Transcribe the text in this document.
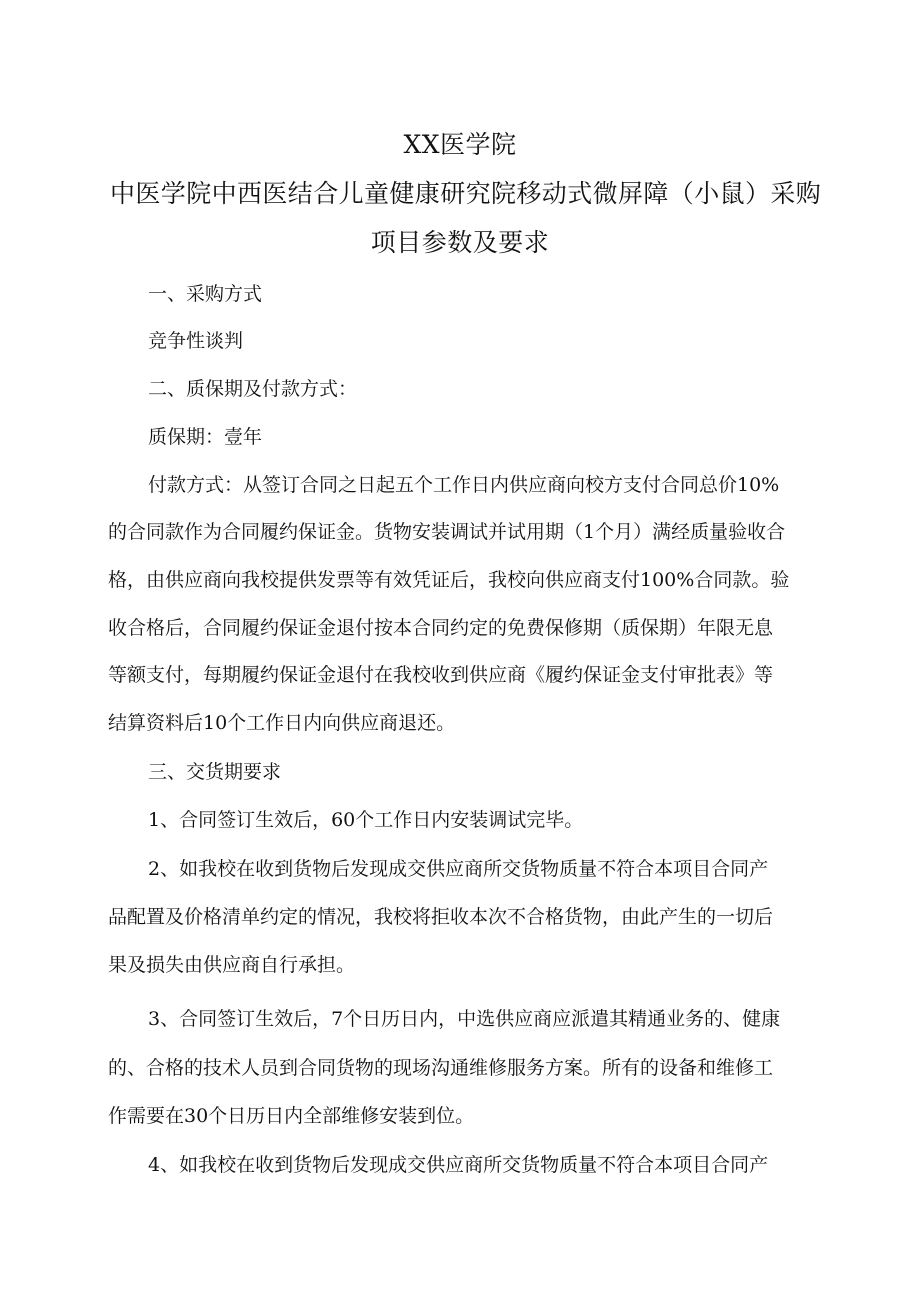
XX医学院
中医学院中西医结合儿童健康研究院移动式微屏障（小鼠）采购
项目参数及要求
一、采购方式
竞争性谈判
二、质保期及付款方式：
质保期：壹年
付款方式：从签订合同之日起五个工作日内供应商向校方支付合同总价10%
的合同款作为合同履约保证金。货物安装调试并试用期（1个月）满经质量验收合
格，由供应商向我校提供发票等有效凭证后，我校向供应商支付100%合同款。验
收合格后，合同履约保证金退付按本合同约定的免费保修期（质保期）年限无息
等额支付，每期履约保证金退付在我校收到供应商《履约保证金支付审批表》等
结算资料后10个工作日内向供应商退还。
三、交货期要求
1、合同签订生效后，60个工作日内安装调试完毕。
2、如我校在收到货物后发现成交供应商所交货物质量不符合本项目合同产
品配置及价格清单约定的情况，我校将拒收本次不合格货物，由此产生的一切后
果及损失由供应商自行承担。
3、合同签订生效后，7个日历日内，中选供应商应派遣其精通业务的、健康
的、合格的技术人员到合同货物的现场沟通维修服务方案。所有的设备和维修工
作需要在30个日历日内全部维修安装到位。
4、如我校在收到货物后发现成交供应商所交货物质量不符合本项目合同产
